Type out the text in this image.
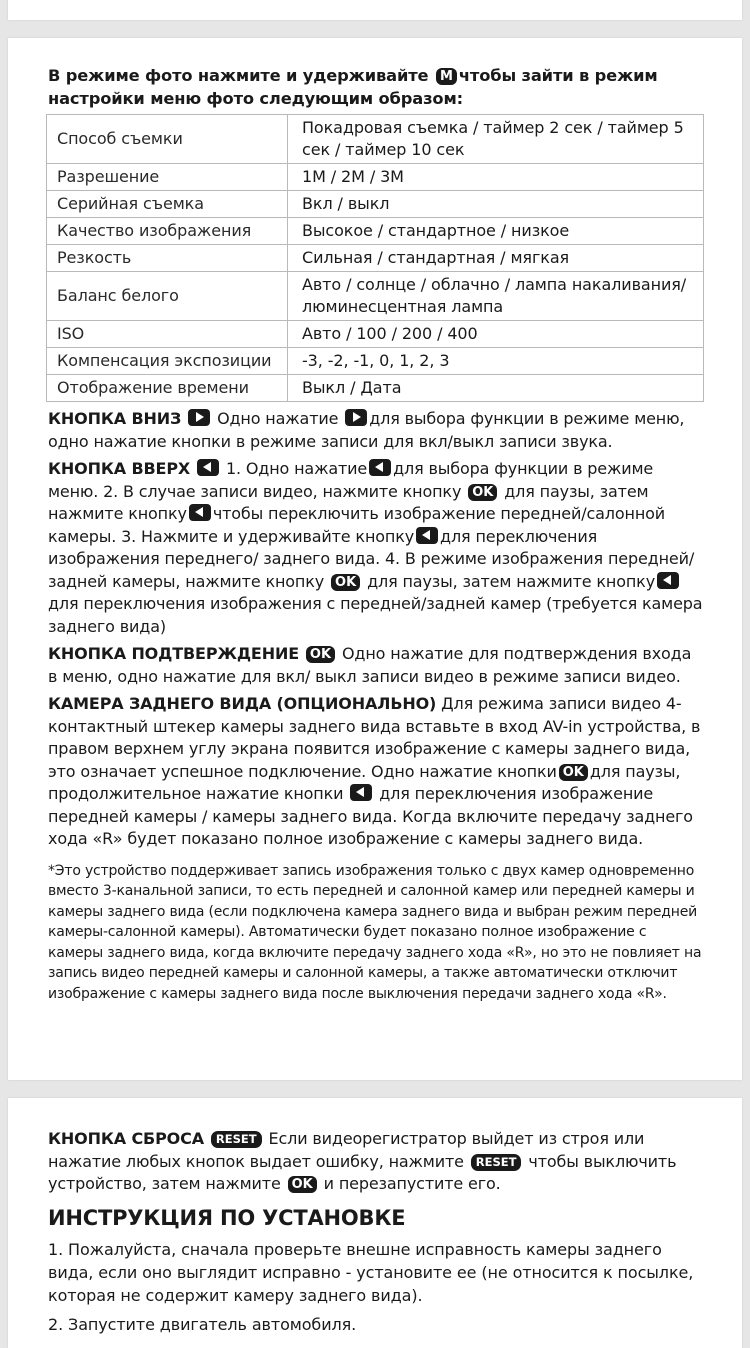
В режиме фото нажмите и удерживайте M чтобы зайти в режим настройки меню фото следующим образом:

Способ съемки	Покадровая съемка / таймер 2 сек / таймер 5 сек / таймер 10 сек
Разрешение	1M / 2M / 3M
Серийная съемка	Вкл / выкл
Качество изображения	Высокое / стандартное / низкое
Резкость	Сильная / стандартная / мягкая
Баланс белого	Авто / солнце / облачно / лампа накаливания/ люминесцентная лампа
ISO	Авто / 100 / 200 / 400
Компенсация экспозиции	-3, -2, -1, 0, 1, 2, 3
Отображение времени	Выкл / Дата

КНОПКА ВНИЗ Одно нажатие для выбора функции в режиме меню, одно нажатие кнопки в режиме записи для вкл/выкл записи звука.

КНОПКА ВВЕРХ 1. Одно нажатие для выбора функции в режиме меню. 2. В случае записи видео, нажмите кнопку OK для паузы, затем нажмите кнопку чтобы переключить изображение передней/салонной камеры. 3. Нажмите и удерживайте кнопку для переключения изображения переднего/ заднего вида. 4. В режиме изображения передней/ задней камеры, нажмите кнопку OK для паузы, затем нажмите кнопку для переключения изображения с передней/задней камер (требуется камера заднего вида)

КНОПКА ПОДТВЕРЖДЕНИЕ OK Одно нажатие для подтверждения входа в меню, одно нажатие для вкл/ выкл записи видео в режиме записи видео.

КАМЕРА ЗАДНЕГО ВИДА (ОПЦИОНАЛЬНО) Для режима записи видео 4-контактный штекер камеры заднего вида вставьте в вход AV-in устройства, в правом верхнем углу экрана появится изображение с камеры заднего вида, это означает успешное подключение. Одно нажатие кнопки OK для паузы, продолжительное нажатие кнопки для переключения изображение передней камеры / камеры заднего вида. Когда включите передачу заднего хода «R» будет показано полное изображение с камеры заднего вида.

*Это устройство поддерживает запись изображения только с двух камер одновременно вместо 3-канальной записи, то есть передней и салонной камер или передней камеры и камеры заднего вида (если подключена камера заднего вида и выбран режим передней камеры-салонной камеры). Автоматически будет показано полное изображение с камеры заднего вида, когда включите передачу заднего хода «R», но это не повлияет на запись видео передней камеры и салонной камеры, а также автоматически отключит изображение с камеры заднего вида после выключения передачи заднего хода «R».

КНОПКА СБРОСА RESET Если видеорегистратор выйдет из строя или нажатие любых кнопок выдает ошибку, нажмите RESET чтобы выключить устройство, затем нажмите OK и перезапустите его.

ИНСТРУКЦИЯ ПО УСТАНОВКЕ

1. Пожалуйста, сначала проверьте внешне исправность камеры заднего вида, если оно выглядит исправно - установите ее (не относится к посылке, которая не содержит камеру заднего вида).

2. Запустите двигатель автомобиля.
